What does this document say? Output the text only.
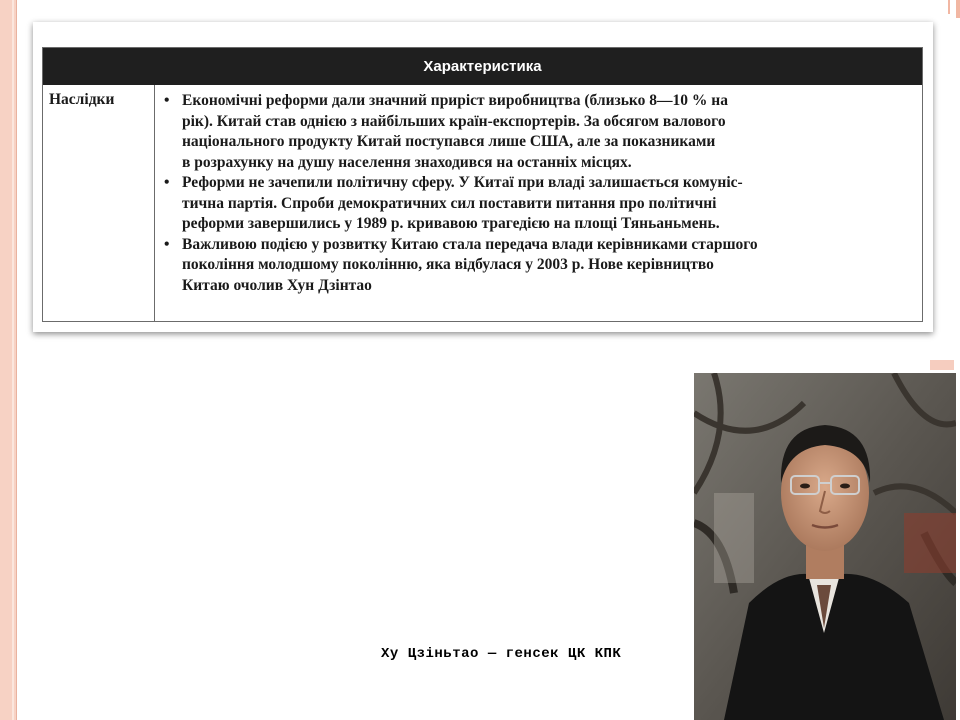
Характеристика
Наслідки	• Економічні реформи дали значний приріст виробництва (близько 8—10 % на
рік). Китай став однією з найбільших країн-експортерів. За обсягом валового
національного продукту Китай поступався лише США, але за показниками
в розрахунку на душу населення знаходився на останніх місцях.
• Реформи не зачепили політичну сферу. У Китаї при владі залишається комуніс-
тична партія. Спроби демократичних сил поставити питання про політичні
реформи завершились у 1989 р. кривавою трагедією на площі Тяньаньмень.
• Важливою подією у розвитку Китаю стала передача влади керівниками старшого
покоління молодшому поколінню, яка відбулася у 2003 р. Нове керівництво
Китаю очолив Хун Дзінтао
Ху Цзіньтао — генсек ЦК КПК
